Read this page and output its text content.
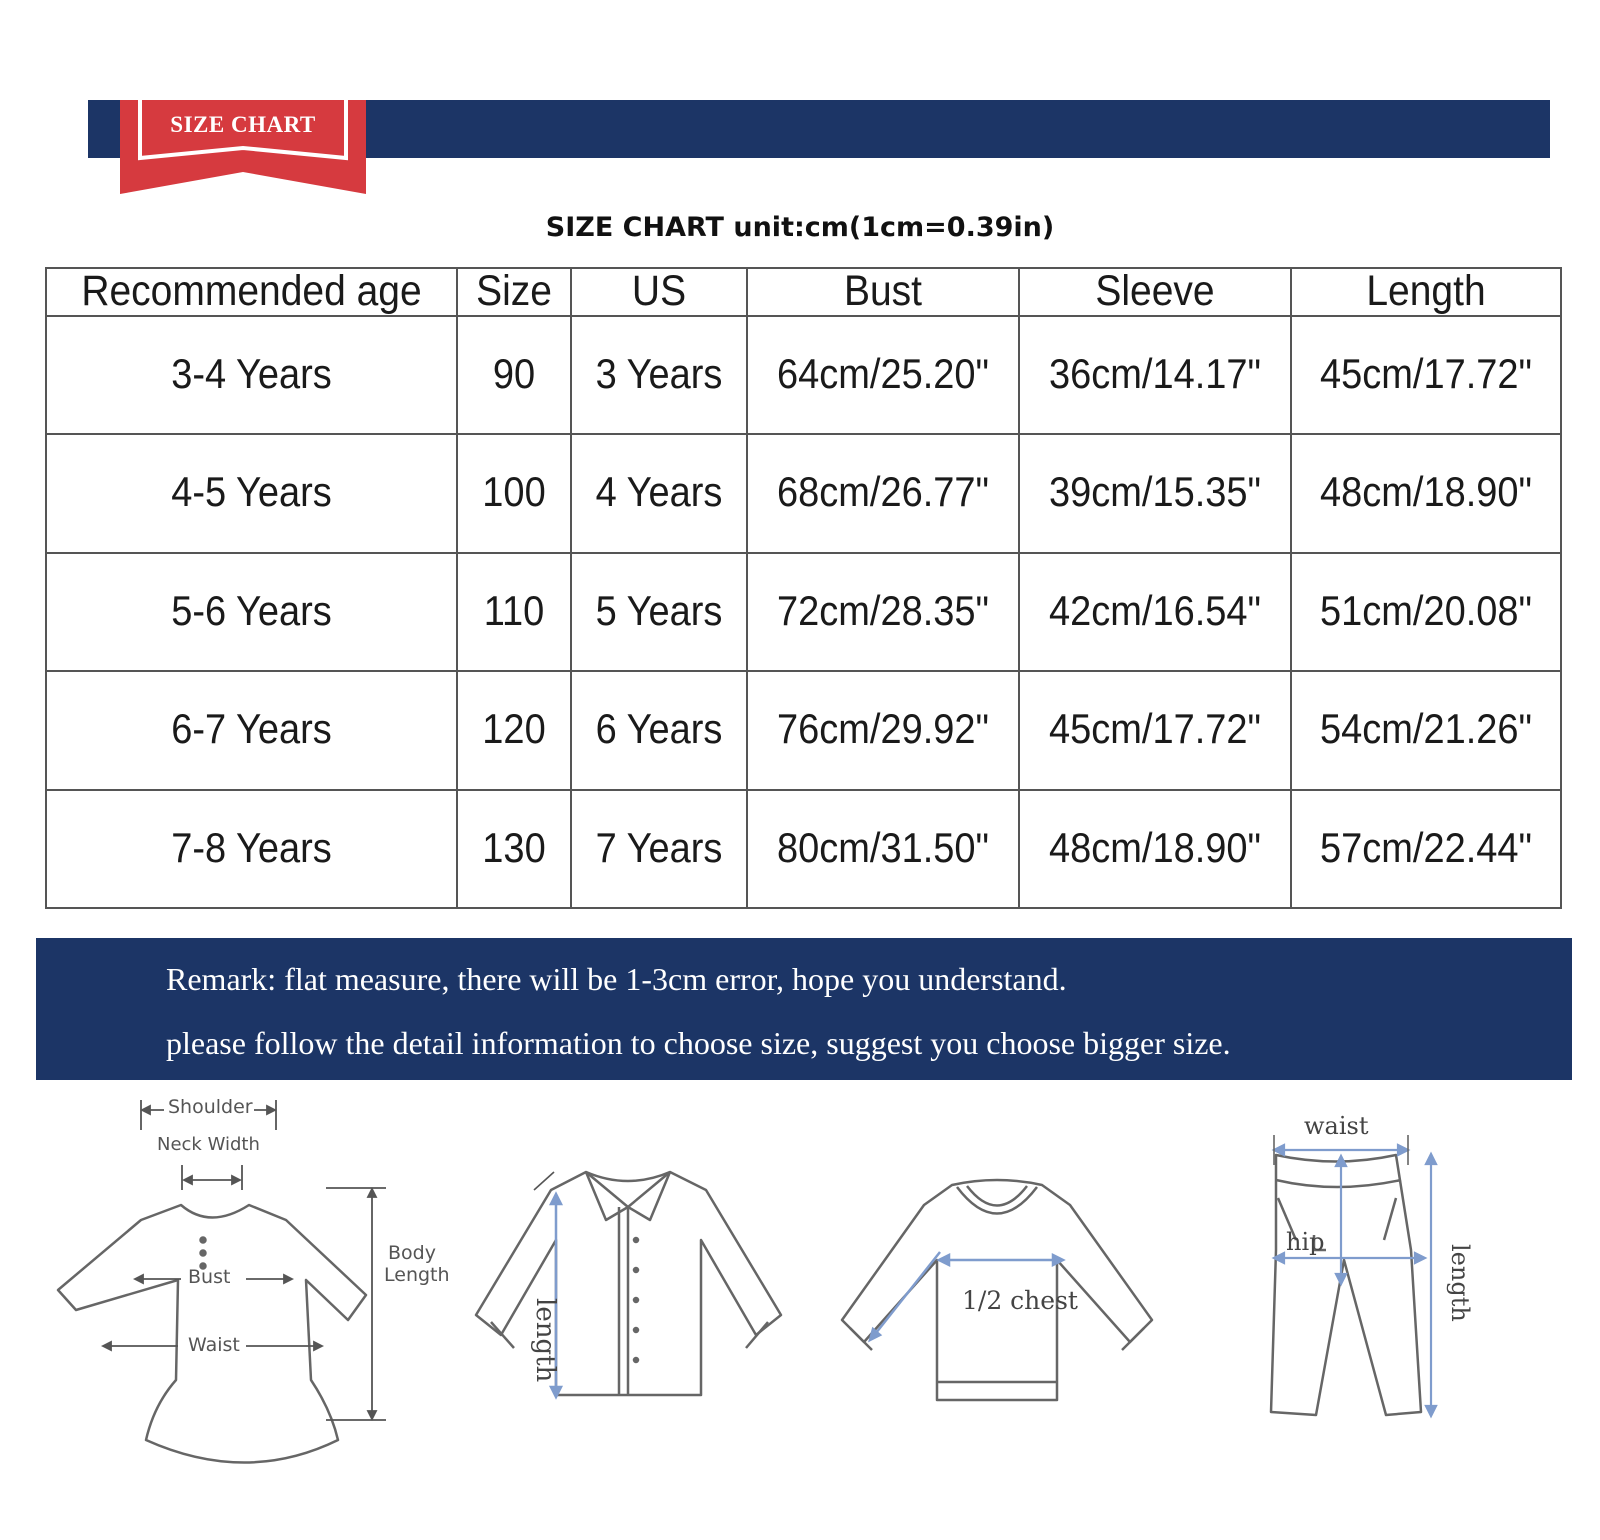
SIZE CHART
SIZE CHART unit:cm(1cm=0.39in)
Recommended age	Size	US	Bust	Sleeve	Length
3-4 Years	90	3 Years	64cm/25.20"	36cm/14.17"	45cm/17.72"
4-5 Years	100	4 Years	68cm/26.77"	39cm/15.35"	48cm/18.90"
5-6 Years	110	5 Years	72cm/28.35"	42cm/16.54"	51cm/20.08"
6-7 Years	120	6 Years	76cm/29.92"	45cm/17.72"	54cm/21.26"
7-8 Years	130	7 Years	80cm/31.50"	48cm/18.90"	57cm/22.44"
Remark: flat measure, there will be 1-3cm error, hope you understand.
please follow the detail information to choose size, suggest you choose bigger size.
Shoulder
Neck Width
Bust
Body
Length
Waist	length	1/2 chest
waist
hip
length
